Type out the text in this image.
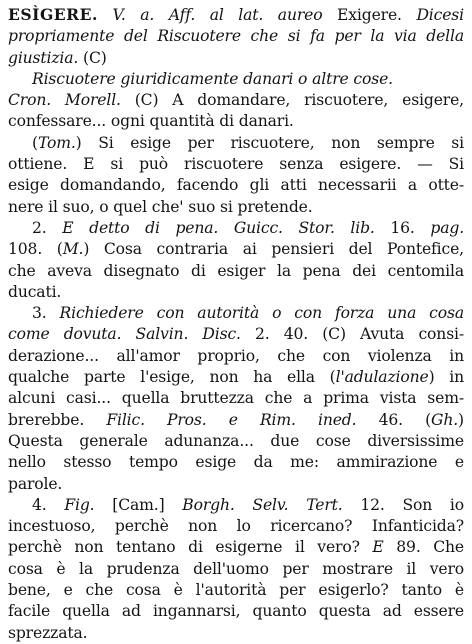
ESÌGERE. V. a. Aff. al lat. aureo Exigere. Dicesi
propriamente del Riscuotere che si fa per la via della
giustizia. (C)
Riscuotere giuridicamente danari o altre cose.
Cron. Morell. (C) A domandare, riscuotere, esigere,
confessare... ogni quantità di danari.
(Tom.) Si esige per riscuotere, non sempre si
ottiene. E si può riscuotere senza esigere. — Si
esige domandando, facendo gli atti necessarii a otte-
nere il suo, o quel che' suo si pretende.
2. E detto di pena. Guicc. Stor. lib. 16. pag.
108. (M.) Cosa contraria ai pensieri del Pontefice,
che aveva disegnato di esiger la pena dei centomila
ducati.
3. Richiedere con autorità o con forza una cosa
come dovuta. Salvin. Disc. 2. 40. (C) Avuta consi-
derazione... all'amor proprio, che con violenza in
qualche parte l'esige, non ha ella (l'adulazione) in
alcuni casi... quella bruttezza che a prima vista sem-
brerebbe. Filic. Pros. e Rim. ined. 46. (Gh.)
Questa generale adunanza... due cose diversissime
nello stesso tempo esige da me: ammirazione e
parole.
4. Fig. [Cam.] Borgh. Selv. Tert. 12. Son io
incestuoso, perchè non lo ricercano? Infanticida?
perchè non tentano di esigerne il vero? E 89. Che
cosa è la prudenza dell'uomo per mostrare il vero
bene, e che cosa è l'autorità per esigerlo? tanto è
facile quella ad ingannarsi, quanto questa ad essere
sprezzata.
